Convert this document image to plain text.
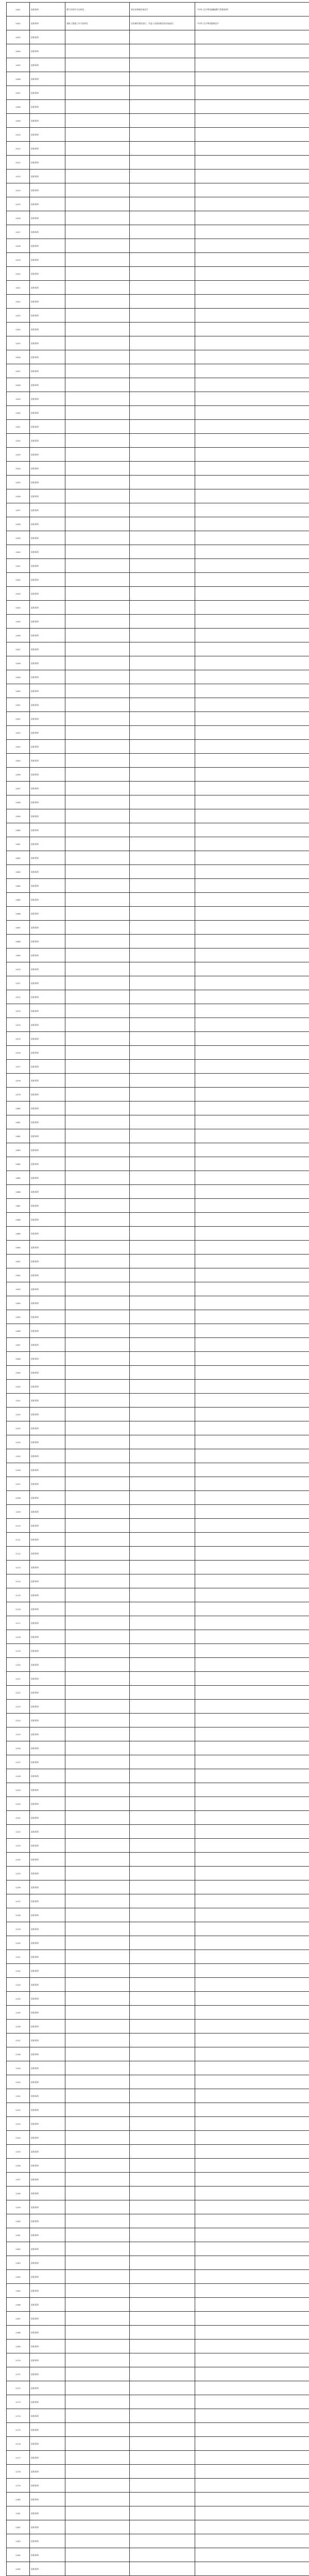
1001	国家事项	燃气经营许可证核发	省住房和城乡建设厅	《中华人民共和国城镇燃气管理条例》
1002	国家事项	建筑工程施工许可证核发	住房城乡建设部门，市县人民政府指定的其他部门	《中华人民共和国建筑法》
1003	国家事项			
1004	国家事项			
1005	国家事项			
1006	国家事项			
1007	国家事项			
1008	国家事项			
1009	国家事项			
1010	国家事项			
1011	国家事项			
1012	国家事项			
1013	国家事项			
1014	国家事项			
1015	国家事项			
1016	国家事项			
1017	国家事项			
1018	国家事项			
1019	国家事项			
1020	国家事项			
1021	国家事项			
1022	国家事项			
1023	国家事项			
1024	国家事项			
1025	国家事项			
1026	国家事项			
1027	国家事项			
1028	国家事项			
1029	国家事项			
1030	国家事项			
1031	国家事项			
1032	国家事项			
1033	国家事项			
1034	国家事项			
1035	国家事项			
1036	国家事项			
1037	国家事项			
1038	国家事项			
1039	国家事项			
1040	国家事项			
1041	国家事项			
1042	国家事项			
1043	国家事项			
1044	国家事项			
1045	国家事项			
1046	国家事项			
1047	国家事项			
1048	国家事项			
1049	国家事项			
1050	国家事项			
1051	国家事项			
1052	国家事项			
1053	国家事项			
1054	国家事项			
1055	国家事项			
1056	国家事项			
1057	国家事项			
1058	国家事项			
1059	国家事项			
1060	国家事项			
1061	国家事项			
1062	国家事项			
1063	国家事项			
1064	国家事项			
1065	国家事项			
1066	国家事项			
1067	国家事项			
1068	国家事项			
1069	国家事项			
1070	国家事项			
1071	国家事项			
1072	国家事项			
1073	国家事项			
1074	国家事项			
1075	国家事项			
1076	国家事项			
1077	国家事项			
1078	国家事项			
1079	国家事项			
1080	国家事项			
1081	国家事项			
1082	国家事项			
1083	国家事项			
1084	国家事项			
1085	国家事项			
1086	国家事项			
1087	国家事项			
1088	国家事项			
1089	国家事项			
1090	国家事项			
1091	国家事项			
1092	国家事项			
1093	国家事项			
1094	国家事项			
1095	国家事项			
1096	国家事项			
1097	国家事项			
1098	国家事项			
1099	国家事项			
1100	国家事项			
1101	国家事项			
1102	国家事项			
1103	国家事项			
1104	国家事项			
1105	国家事项			
1106	国家事项			
1107	国家事项			
1108	国家事项			
1109	国家事项			
1110	国家事项			
1111	国家事项			
1112	国家事项			
1113	国家事项			
1114	国家事项			
1115	国家事项			
1116	国家事项			
1117	国家事项			
1118	国家事项			
1119	国家事项			
1120	国家事项			
1121	国家事项			
1122	国家事项			
1123	国家事项			
1124	国家事项			
1125	国家事项			
1126	国家事项			
1127	国家事项			
1128	国家事项			
1129	国家事项			
1130	国家事项			
1131	国家事项			
1132	国家事项			
1133	国家事项			
1134	国家事项			
1135	国家事项			
1136	国家事项			
1137	国家事项			
1138	国家事项			
1139	国家事项			
1140	国家事项			
1141	国家事项			
1142	国家事项			
1143	国家事项			
1144	国家事项			
1145	国家事项			
1146	国家事项			
1147	国家事项			
1148	国家事项			
1149	国家事项			
1150	国家事项			
1151	国家事项			
1152	国家事项			
1153	国家事项			
1154	国家事项			
1155	国家事项			
1156	国家事项			
1157	国家事项			
1158	国家事项			
1159	国家事项			
1160	国家事项			
1161	国家事项			
1162	国家事项			
1163	国家事项			
1164	国家事项			
1165	国家事项			
1166	国家事项			
1167	国家事项			
1168	国家事项			
1169	国家事项			
1170	国家事项			
1171	国家事项			
1172	国家事项			
1173	国家事项			
1174	国家事项			
1175	国家事项			
1176	国家事项			
1177	国家事项			
1178	国家事项			
1179	国家事项			
1180	国家事项			
1181	国家事项			
1182	国家事项			
1183	国家事项			
1184	国家事项			
1185	国家事项			
